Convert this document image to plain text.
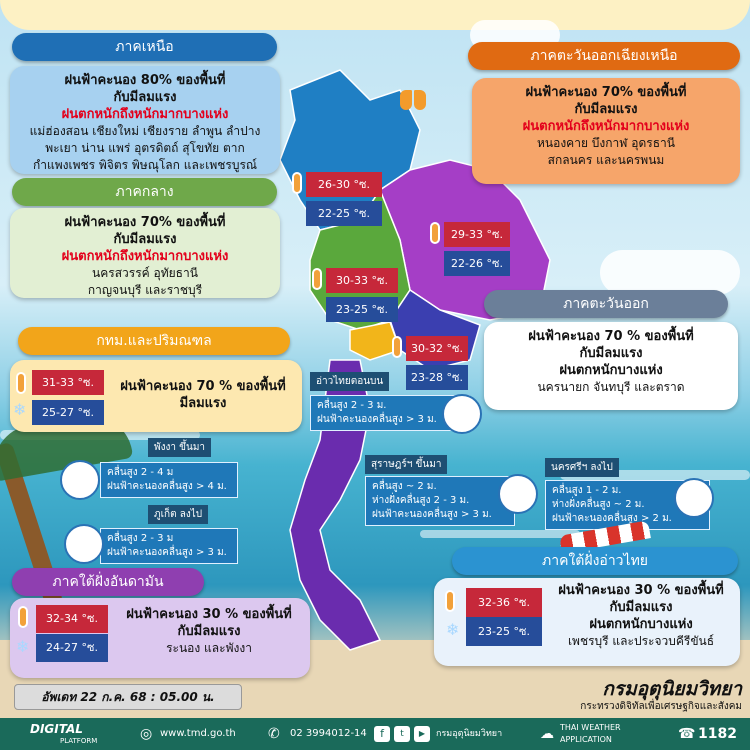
ภาคเหนือ
ฝนฟ้าคะนอง 80% ของพื้นที่
กับมีลมแรง
ฝนตกหนักถึงหนักมากบางแห่ง
แม่ฮ่องสอน เชียงใหม่ เชียงราย ลำพูน ลำปาง
พะเยา น่าน แพร่ อุตรดิตถ์ สุโขทัย ตาก
กำแพงเพชร พิจิตร พิษณุโลก และเพชรบูรณ์
26-30 °ซ.
22-25 °ซ.
ภาคตะวันออกเฉียงเหนือ
ฝนฟ้าคะนอง 70% ของพื้นที่
กับมีลมแรง
ฝนตกหนักถึงหนักมากบางแห่ง
หนองคาย บึงกาฬ อุดรธานี
สกลนคร และนครพนม
29-33 °ซ.
22-26 °ซ.
ภาคกลาง
ฝนฟ้าคะนอง 70% ของพื้นที่
กับมีลมแรง
ฝนตกหนักถึงหนักมากบางแห่ง
นครสวรรค์ อุทัยธานี
กาญจนบุรี และราชบุรี
30-33 °ซ.
23-25 °ซ.	ภาคตะวันออก
ฝนฟ้าคะนอง 70 % ของพื้นที่
กับมีลมแรง
ฝนตกหนักบางแห่ง
นครนายก จันทบุรี และตราด
30-32 °ซ.
23-28 °ซ.
กทม.และปริมณฑล
31-33 °ซ.
❄	25-27 °ซ.
ฝนฟ้าคะนอง 70 % ของพื้นที่
มีลมแรง
อ่าวไทยตอนบน
คลื่นสูง 2 - 3 ม.
ฝนฟ้าคะนองคลื่นสูง > 3 ม.
พังงา ขึ้นมา
คลื่นสูง 2 - 4 ม
ฝนฟ้าคะนองคลื่นสูง > 4 ม.
ภูเก็ต ลงไป
คลื่นสูง 2 - 3 ม
ฝนฟ้าคะนองคลื่นสูง > 3 ม.
สุราษฎร์ฯ ขึ้นมา
คลื่นสูง ~ 2 ม.
ห่างฝั่งคลื่นสูง 2 - 3 ม.
ฝนฟ้าคะนองคลื่นสูง > 3 ม.
นครศรีฯ ลงไป
คลื่นสูง 1 - 2 ม.
ห่างฝั่งคลื่นสูง ~ 2 ม.
ฝนฟ้าคะนองคลื่นสูง > 2 ม.
ภาคใต้ฝั่งอ่าวไทย
32-36 °ซ.
❄	23-25 °ซ.
ฝนฟ้าคะนอง 30 % ของพื้นที่
กับมีลมแรง
ฝนตกหนักบางแห่ง
เพชรบุรี และประจวบคีรีขันธ์
ภาคใต้ฝั่งอันดามัน
32-34 °ซ.
❄	24-27 °ซ.
ฝนฟ้าคะนอง 30 % ของพื้นที่
กับมีลมแรง
ระนอง และพังงา
อัพเดท 22 ก.ค. 68 : 05.00 น.	กรมอุตุนิยมวิทยา
กระทรวงดิจิทัลเพื่อเศรษฐกิจและสังคม
DIGITAL
PLATFORM	◎ www.tmd.go.th ✆ 02 3994012-14	f	t	▶	กรมอุตุนิยมวิทยา	☁ THAI WEATHER
APPLICATION	☎ 1182
